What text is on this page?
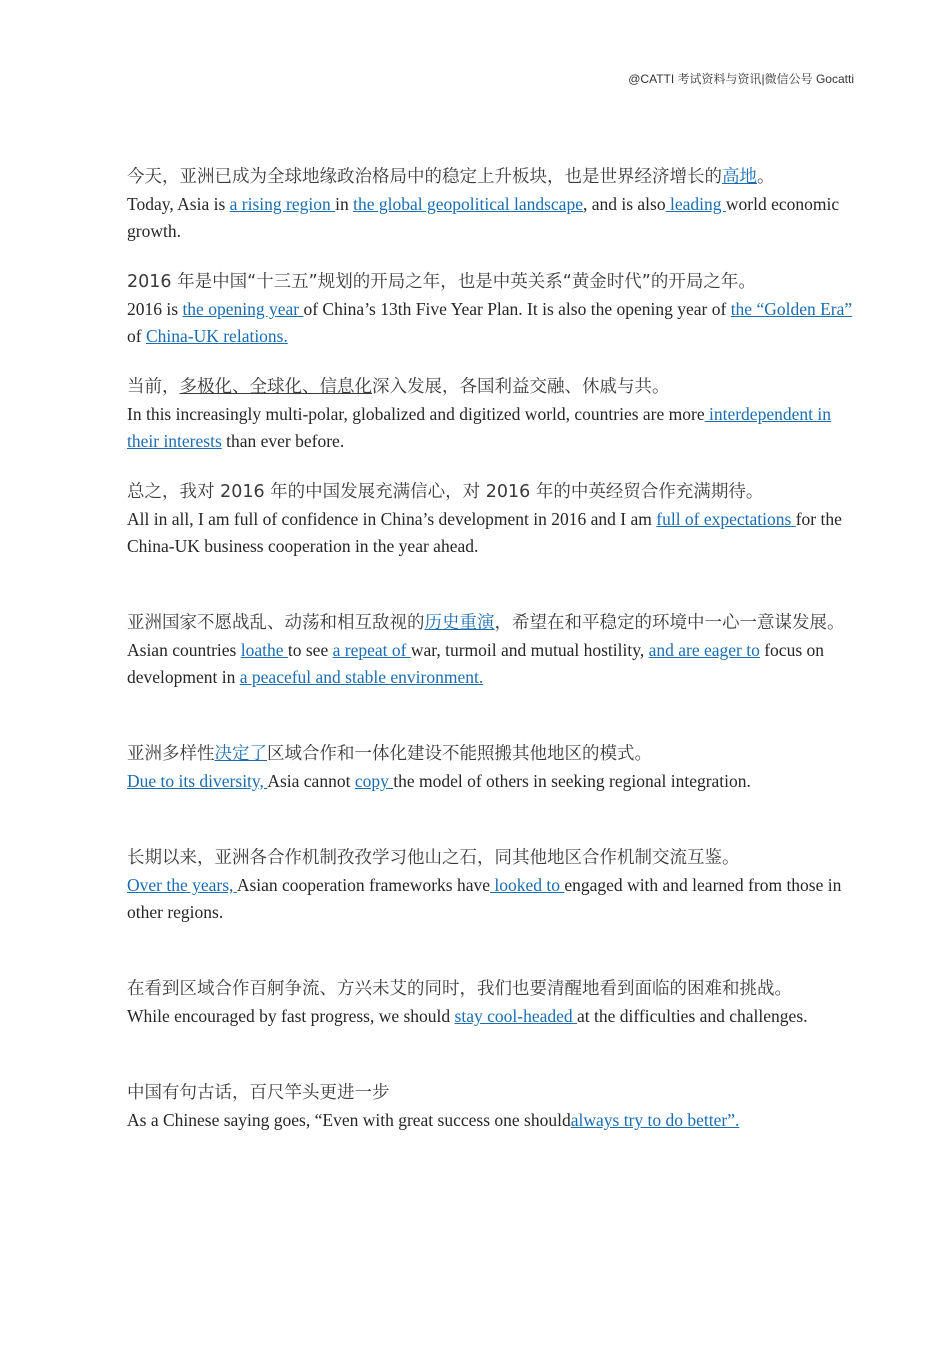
@CATTI 考试资料与资讯|微信公号 Gocatti

今天，亚洲已成为全球地缘政治格局中的稳定上升板块，也是世界经济增长的高地。

Today, Asia is a rising region in the global geopolitical landscape, and is also leading world economic growth.

2016 年是中国“十三五”规划的开局之年，也是中英关系“黄金时代”的开局之年。

2016 is the opening year of China’s 13th Five Year Plan. It is also the opening year of the “Golden Era” of China-UK relations.

当前，多极化、全球化、信息化深入发展，各国利益交融、休戚与共。

In this increasingly multi-polar, globalized and digitized world, countries are more interdependent in their interests than ever before.

总之，我对 2016 年的中国发展充满信心，对 2016 年的中英经贸合作充满期待。

All in all, I am full of confidence in China’s development in 2016 and I am full of expectations for the China-UK business cooperation in the year ahead.

亚洲国家不愿战乱、动荡和相互敌视的历史重演，希望在和平稳定的环境中一心一意谋发展。

Asian countries loathe to see a repeat of war, turmoil and mutual hostility, and are eager to focus on development in a peaceful and stable environment.

亚洲多样性决定了区域合作和一体化建设不能照搬其他地区的模式。

Due to its diversity, Asia cannot copy the model of others in seeking regional integration.

长期以来，亚洲各合作机制孜孜学习他山之石，同其他地区合作机制交流互鉴。

Over the years, Asian cooperation frameworks have looked to engaged with and learned from those in other regions.

在看到区域合作百舸争流、方兴未艾的同时，我们也要清醒地看到面临的困难和挑战。

While encouraged by fast progress, we should stay cool-headed at the difficulties and challenges.

中国有句古话，百尺竿头更进一步

As a Chinese saying goes, “Even with great success one shouldalways try to do better”.
